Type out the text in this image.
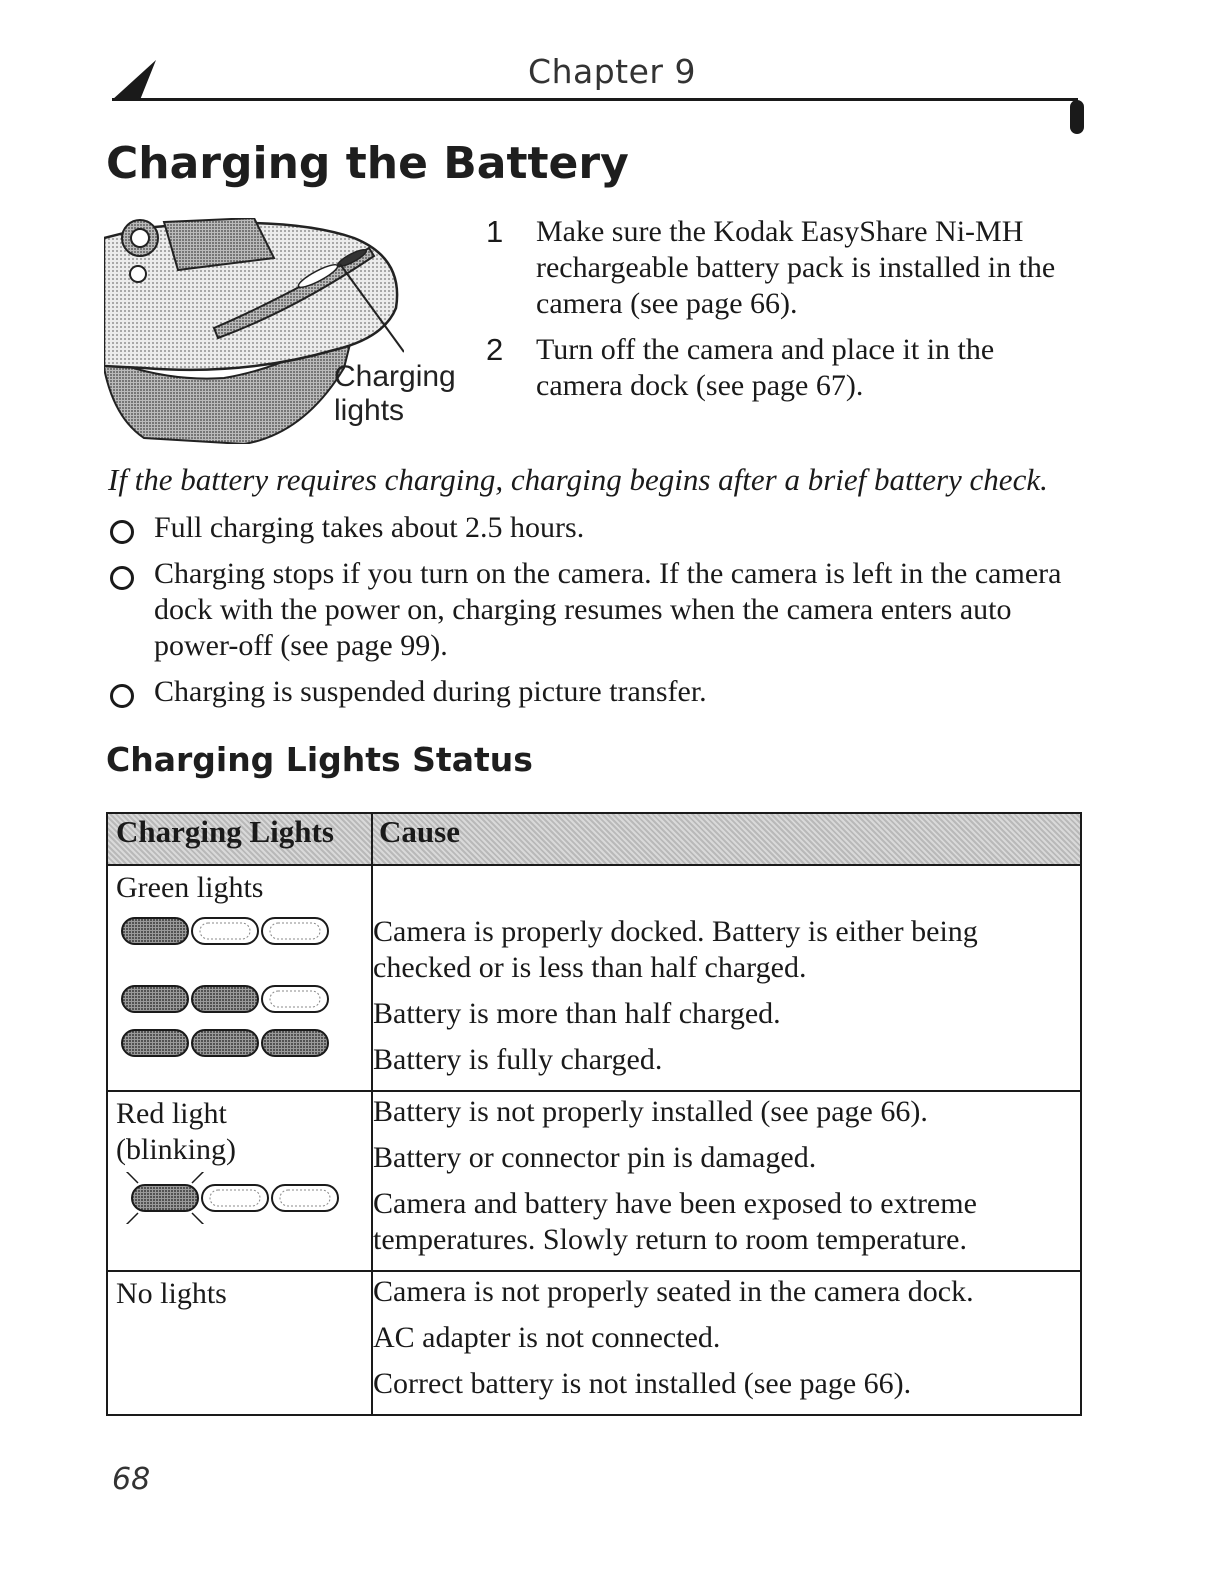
Chapter 9
Charging the Battery
Charging
lights
1 Make sure the Kodak EasyShare Ni-MH rechargeable battery pack is installed in the camera (see page 66).
2 Turn off the camera and place it in the camera dock (see page 67).
If the battery requires charging, charging begins after a brief battery check.
Full charging takes about 2.5 hours.
Charging stops if you turn on the camera. If the camera is left in the camera dock with the power on, charging resumes when the camera enters auto power-off (see page 99).
Charging is suspended during picture transfer.
Charging Lights Status
Charging Lights	Cause

Green lights	Camera is properly docked. Battery is either being checked or is less than half charged.
Battery is more than half charged.
Battery is fully charged.

Red light (blinking)	Battery is not properly installed (see page 66).
Battery or connector pin is damaged.
Camera and battery have been exposed to extreme temperatures. Slowly return to room temperature.

No lights	Camera is not properly seated in the camera dock.
AC adapter is not connected.
Correct battery is not installed (see page 66).
68
